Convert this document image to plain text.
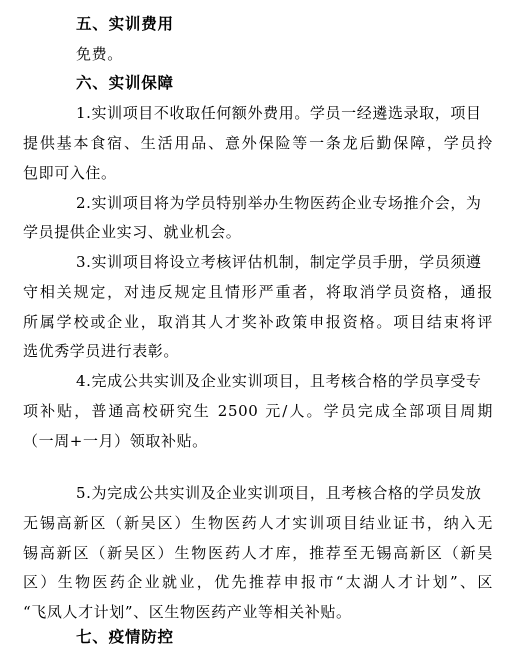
五、实训费用
免费。
六、实训保障
1.实训项目不收取任何额外费用。学员一经遴选录取，项目
提供基本食宿、生活用品、意外保险等一条龙后勤保障，学员拎
包即可入住。
2.实训项目将为学员特别举办生物医药企业专场推介会，为
学员提供企业实习、就业机会。
3.实训项目将设立考核评估机制，制定学员手册，学员须遵
守相关规定，对违反规定且情形严重者，将取消学员资格，通报
所属学校或企业，取消其人才奖补政策申报资格。项目结束将评
选优秀学员进行表彰。
4.完成公共实训及企业实训项目，且考核合格的学员享受专
项补贴，普通高校研究生 2500 元/人。学员完成全部项目周期
（一周+一月）领取补贴。
5.为完成公共实训及企业实训项目，且考核合格的学员发放
无锡高新区（新吴区）生物医药人才实训项目结业证书，纳入无
锡高新区（新吴区）生物医药人才库，推荐至无锡高新区（新吴
区）生物医药企业就业，优先推荐申报市“太湖人才计划”、区
“飞凤人才计划”、区生物医药产业等相关补贴。
七、疫情防控
